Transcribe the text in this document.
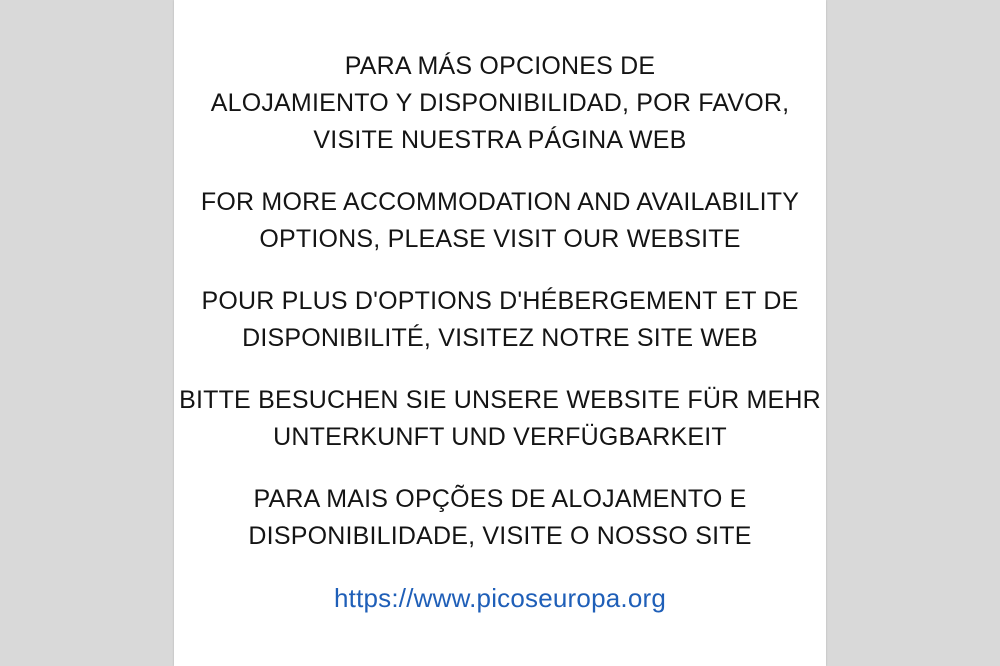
PARA MÁS OPCIONES DE
ALOJAMIENTO Y DISPONIBILIDAD, POR FAVOR,
VISITE NUESTRA PÁGINA WEB
FOR MORE ACCOMMODATION AND AVAILABILITY
OPTIONS, PLEASE VISIT OUR WEBSITE
POUR PLUS D'OPTIONS D'HÉBERGEMENT ET DE
DISPONIBILITÉ, VISITEZ NOTRE SITE WEB
BITTE BESUCHEN SIE UNSERE WEBSITE FÜR MEHR
UNTERKUNFT UND VERFÜGBARKEIT
PARA MAIS OPÇÕES DE ALOJAMENTO E
DISPONIBILIDADE, VISITE O NOSSO SITE
https://www.picoseuropa.org
